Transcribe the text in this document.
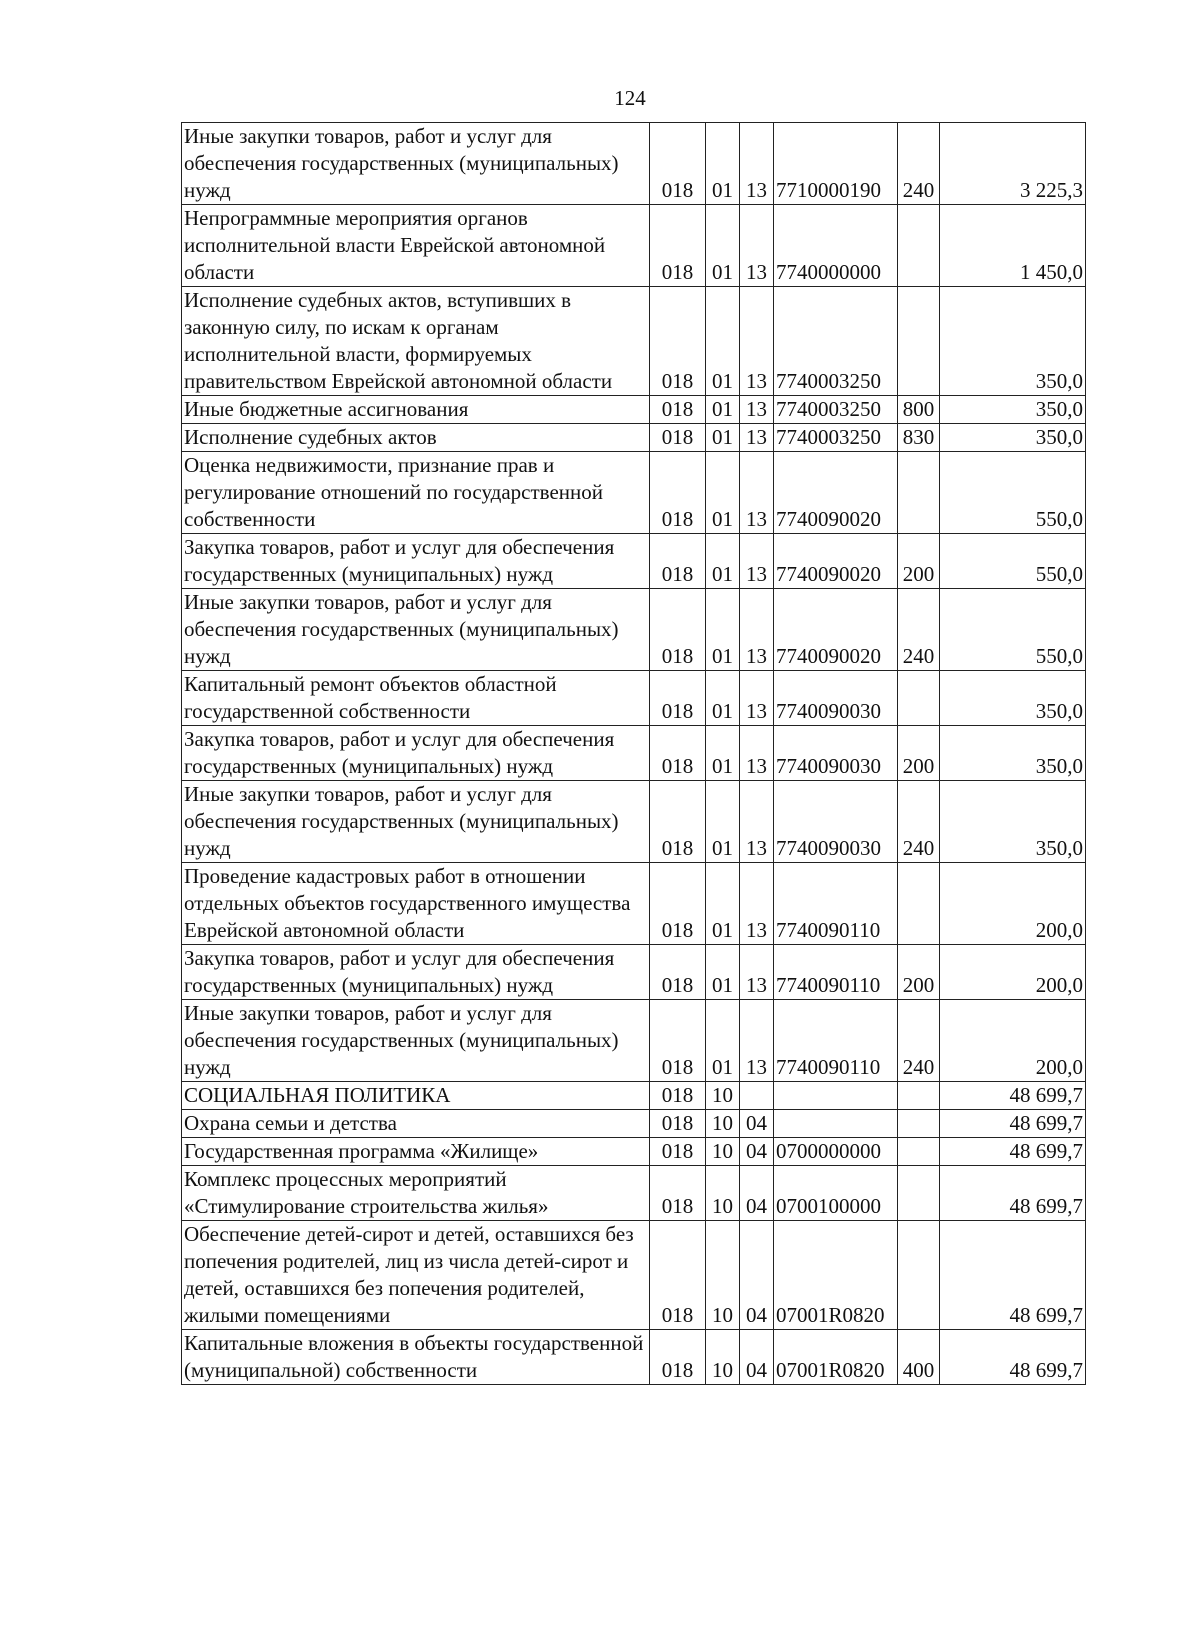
124
Иные закупки товаров, работ и услуг для обеспечения государственных (муниципальных) нужд	018	01	13	7710000190	240	3 225,3
Непрограммные мероприятия органов исполнительной власти Еврейской автономной области	018	01	13	7740000000		1 450,0
Исполнение судебных актов, вступивших в законную силу, по искам к органам исполнительной власти, формируемых правительством Еврейской автономной области	018	01	13	7740003250		350,0
Иные бюджетные ассигнования	018	01	13	7740003250	800	350,0
Исполнение судебных актов	018	01	13	7740003250	830	350,0
Оценка недвижимости, признание прав и регулирование отношений по государственной собственности	018	01	13	7740090020		550,0
Закупка товаров, работ и услуг для обеспечения государственных (муниципальных) нужд	018	01	13	7740090020	200	550,0
Иные закупки товаров, работ и услуг для обеспечения государственных (муниципальных) нужд	018	01	13	7740090020	240	550,0
Капитальный ремонт объектов областной государственной собственности	018	01	13	7740090030		350,0
Закупка товаров, работ и услуг для обеспечения государственных (муниципальных) нужд	018	01	13	7740090030	200	350,0
Иные закупки товаров, работ и услуг для обеспечения государственных (муниципальных) нужд	018	01	13	7740090030	240	350,0
Проведение кадастровых работ в отношении отдельных объектов государственного имущества Еврейской автономной области	018	01	13	7740090110		200,0
Закупка товаров, работ и услуг для обеспечения государственных (муниципальных) нужд	018	01	13	7740090110	200	200,0
Иные закупки товаров, работ и услуг для обеспечения государственных (муниципальных) нужд	018	01	13	7740090110	240	200,0
СОЦИАЛЬНАЯ ПОЛИТИКА	018	10				48 699,7
Охрана семьи и детства	018	10	04			48 699,7
Государственная программа «Жилище»	018	10	04	0700000000		48 699,7
Комплекс процессных мероприятий «Стимулирование строительства жилья»	018	10	04	0700100000		48 699,7
Обеспечение детей-сирот и детей, оставшихся без попечения родителей, лиц из числа детей-сирот и детей, оставшихся без попечения родителей, жилыми помещениями	018	10	04	07001R0820		48 699,7
Капитальные вложения в объекты государственной (муниципальной) собственности	018	10	04	07001R0820	400	48 699,7
